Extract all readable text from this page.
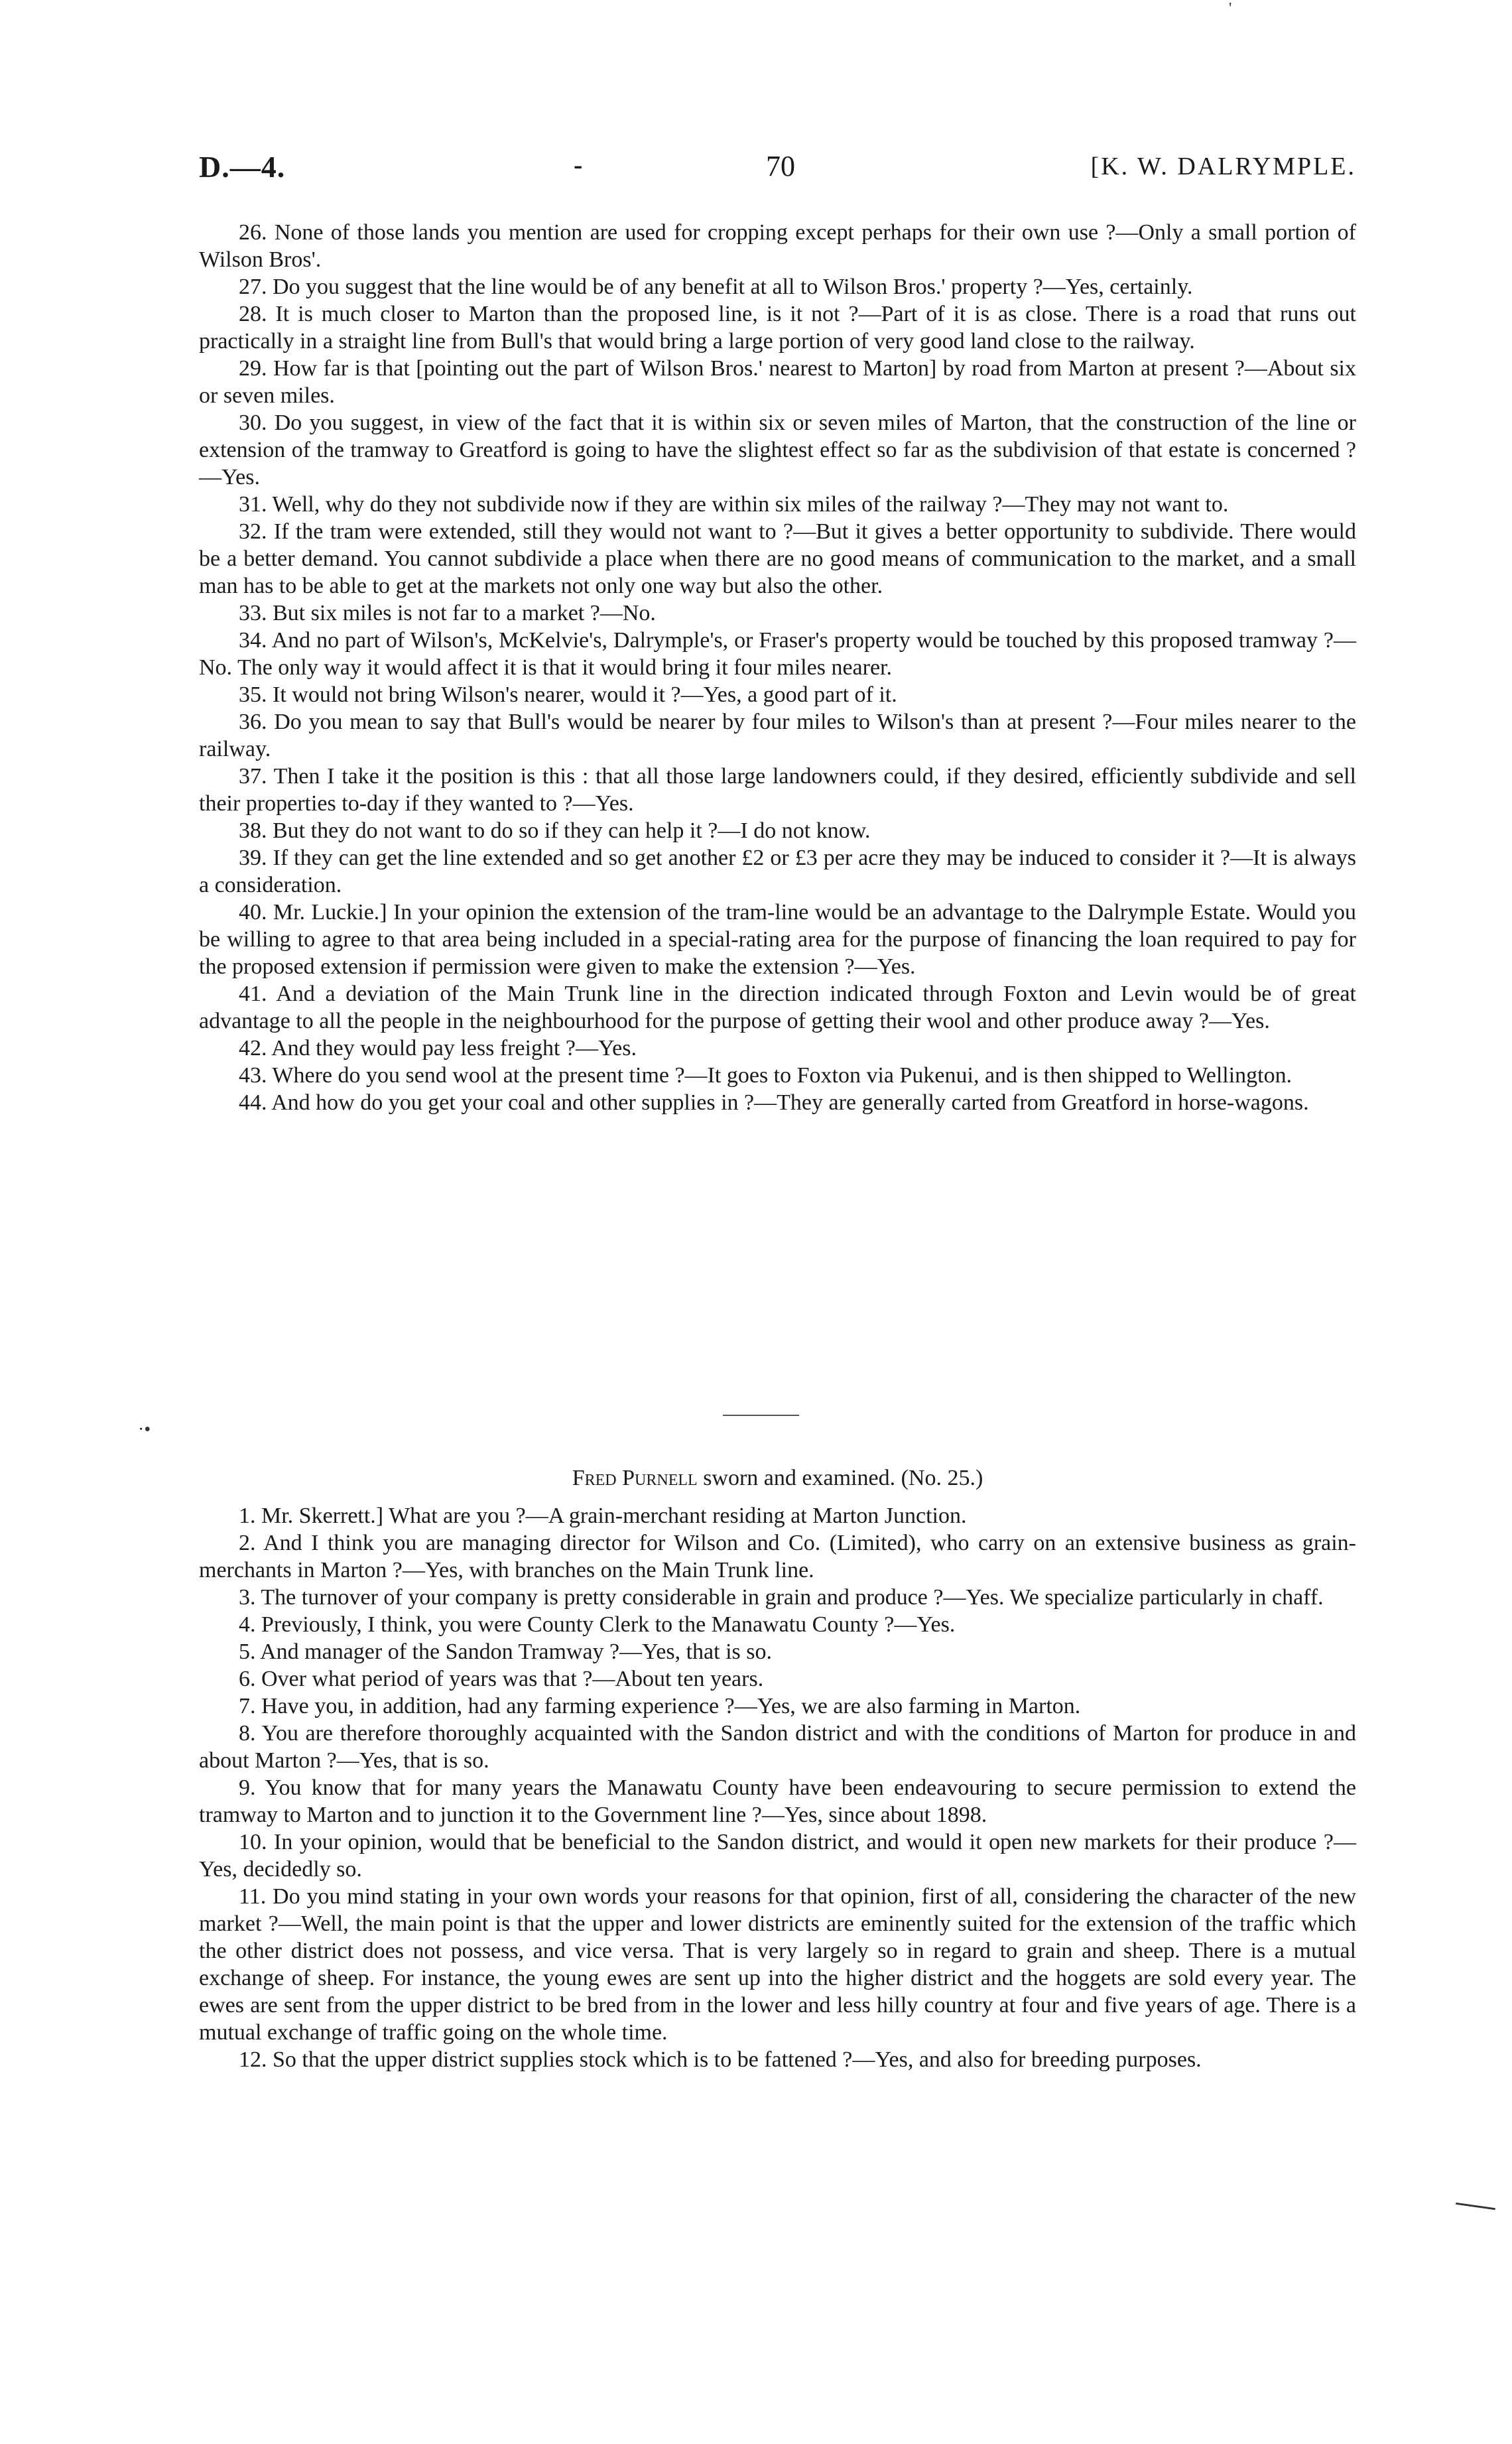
'
D.—4.	-	70	[K. W. DALRYMPLE.

26. None of those lands you mention are used for cropping except perhaps for their own use ?—Only a small portion of Wilson Bros'.

27. Do you suggest that the line would be of any benefit at all to Wilson Bros.' property ?—Yes, certainly.

28. It is much closer to Marton than the proposed line, is it not ?—Part of it is as close. There is a road that runs out practically in a straight line from Bull's that would bring a large portion of very good land close to the railway.

29. How far is that [pointing out the part of Wilson Bros.' nearest to Marton] by road from Marton at present ?—About six or seven miles.

30. Do you suggest, in view of the fact that it is within six or seven miles of Marton, that the construction of the line or extension of the tramway to Greatford is going to have the slightest effect so far as the subdivision of that estate is concerned ?—Yes.

31. Well, why do they not subdivide now if they are within six miles of the railway ?—They may not want to.

32. If the tram were extended, still they would not want to ?—But it gives a better opportunity to subdivide. There would be a better demand. You cannot subdivide a place when there are no good means of communication to the market, and a small man has to be able to get at the markets not only one way but also the other.

33. But six miles is not far to a market ?—No.

34. And no part of Wilson's, McKelvie's, Dalrymple's, or Fraser's property would be touched by this proposed tramway ?—No. The only way it would affect it is that it would bring it four miles nearer.

35. It would not bring Wilson's nearer, would it ?—Yes, a good part of it.

36. Do you mean to say that Bull's would be nearer by four miles to Wilson's than at present ?—Four miles nearer to the railway.

37. Then I take it the position is this : that all those large landowners could, if they desired, efficiently subdivide and sell their properties to-day if they wanted to ?—Yes.

38. But they do not want to do so if they can help it ?—I do not know.

39. If they can get the line extended and so get another £2 or £3 per acre they may be induced to consider it ?—It is always a consideration.

40. Mr. Luckie.] In your opinion the extension of the tram-line would be an advantage to the Dalrymple Estate. Would you be willing to agree to that area being included in a special-rating area for the purpose of financing the loan required to pay for the proposed extension if permission were given to make the extension ?—Yes.

41. And a deviation of the Main Trunk line in the direction indicated through Foxton and Levin would be of great advantage to all the people in the neighbourhood for the purpose of getting their wool and other produce away ?—Yes.

42. And they would pay less freight ?—Yes.

43. Where do you send wool at the present time ?—It goes to Foxton via Pukenui, and is then shipped to Wellington.

44. And how do you get your coal and other supplies in ?—They are generally carted from Greatford in horse-wagons.

·•
Fred Purnell sworn and examined. (No. 25.)

1. Mr. Skerrett.] What are you ?—A grain-merchant residing at Marton Junction.

2. And I think you are managing director for Wilson and Co. (Limited), who carry on an extensive business as grain-merchants in Marton ?—Yes, with branches on the Main Trunk line.

3. The turnover of your company is pretty considerable in grain and produce ?—Yes. We specialize particularly in chaff.

4. Previously, I think, you were County Clerk to the Manawatu County ?—Yes.

5. And manager of the Sandon Tramway ?—Yes, that is so.

6. Over what period of years was that ?—About ten years.

7. Have you, in addition, had any farming experience ?—Yes, we are also farming in Marton.

8. You are therefore thoroughly acquainted with the Sandon district and with the conditions of Marton for produce in and about Marton ?—Yes, that is so.

9. You know that for many years the Manawatu County have been endeavouring to secure permission to extend the tramway to Marton and to junction it to the Government line ?—Yes, since about 1898.

10. In your opinion, would that be beneficial to the Sandon district, and would it open new markets for their produce ?—Yes, decidedly so.

11. Do you mind stating in your own words your reasons for that opinion, first of all, considering the character of the new market ?—Well, the main point is that the upper and lower districts are eminently suited for the extension of the traffic which the other district does not possess, and vice versa. That is very largely so in regard to grain and sheep. There is a mutual exchange of sheep. For instance, the young ewes are sent up into the higher district and the hoggets are sold every year. The ewes are sent from the upper district to be bred from in the lower and less hilly country at four and five years of age. There is a mutual exchange of traffic going on the whole time.

12. So that the upper district supplies stock which is to be fattened ?—Yes, and also for breeding purposes.
